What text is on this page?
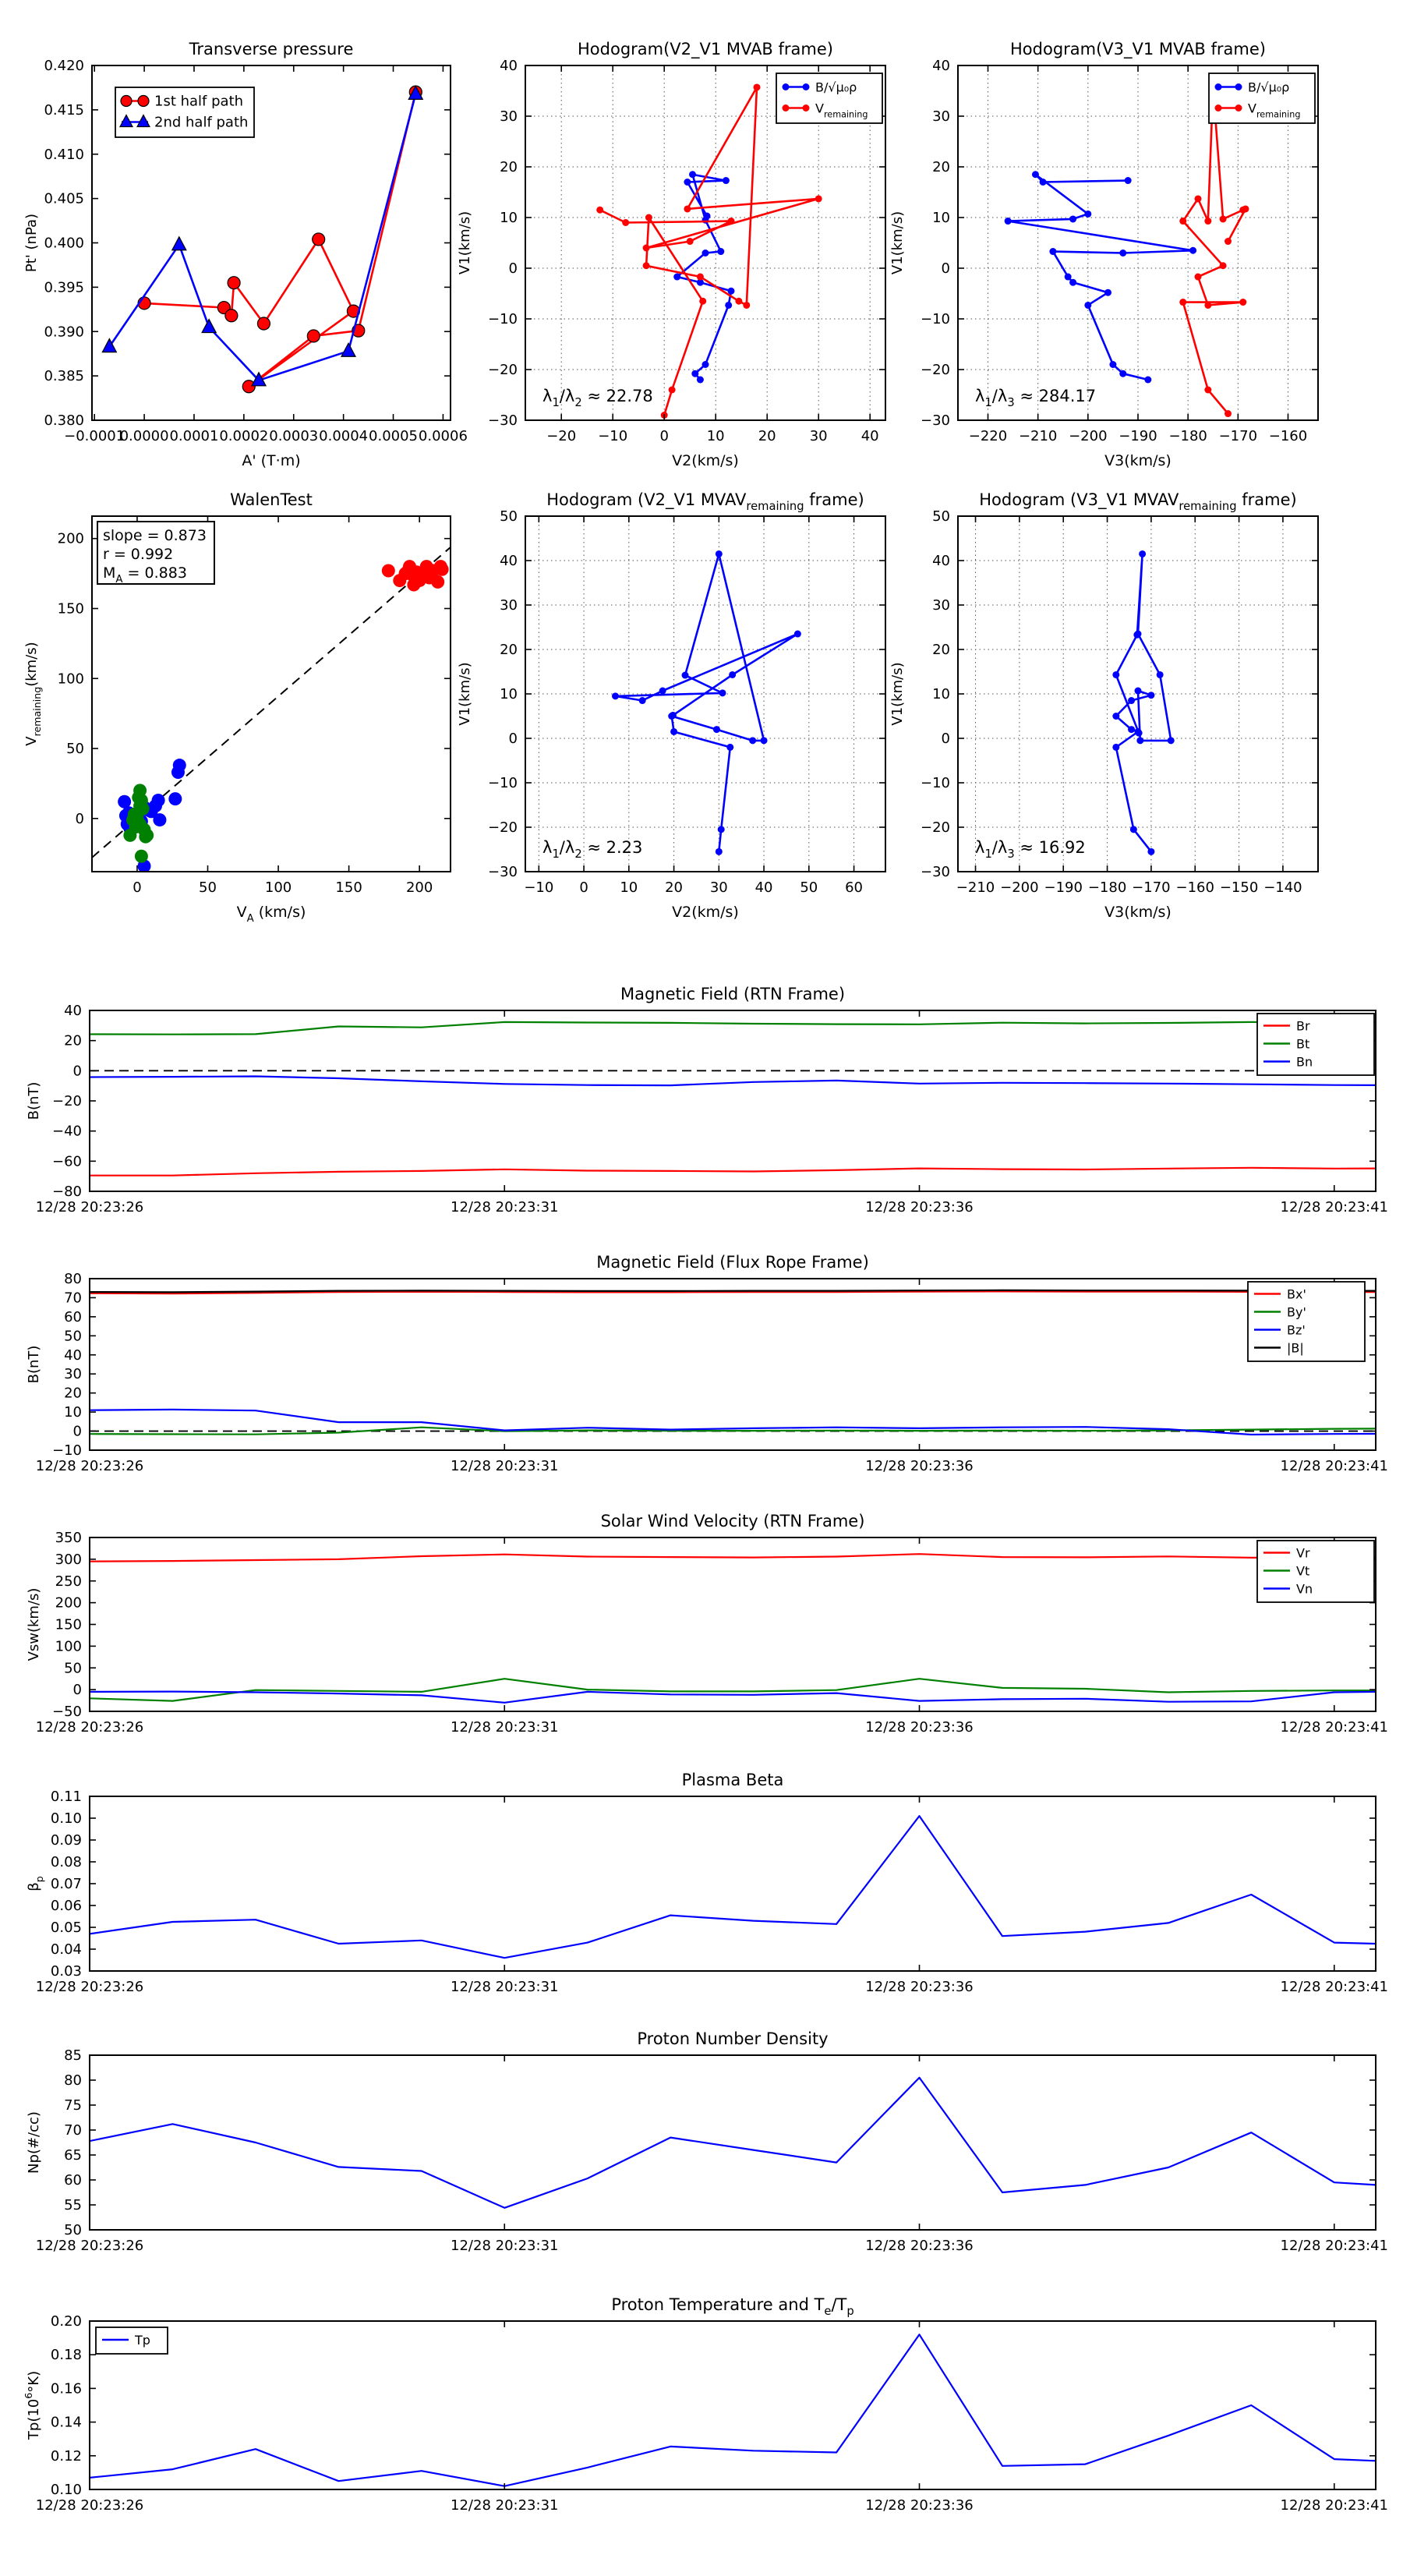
−0.0001
0.0000 0.0001 0.0002 0.0003 0.0004 0.0005 0.0006
0.380
0.385
0.390
0.395
0.400
0.405
0.410
0.415
0.420
Transverse pressure
A' (T·m)
Pt' (nPa)
1st half path
2nd half path
−20 −10 0	10 20 30 40
−30
−20
−10
0
10
20
30
40
Hodogram(V2_V1 MVAB frame)
V2(km/s)
V1(km/s)
$\lambda_1/\lambda_2 \approx 22.78$
B/√μ₀ρ
$V_{remaining}$
−220 −210 −200 −190 −180 −170 −160
−30
−20
−10
0
10
20
30
40
Hodogram(V3_V1 MVAB frame)
V3(km/s)
V1(km/s)
$\lambda_1/\lambda_3 \approx 284.17$
B/√μ₀ρ
$V_{remaining}$
0	50	100	150	200
0
50
100
150
200
WalenTest
$V_A$ (km/s)
$V_{remaining}(km/s)$
slope = 0.873
r = 0.992
$M_A = 0.883$
−10 0 10 20 30 40 50 60
−30
−20
−10
0
10
20
30
40
50
Hodogram (V2_V1 $MVAV_{remaining}$ frame)
V2(km/s)
V1(km/s)
$\lambda_1/\lambda_2 \approx 2.23$
−210 −200 −190 −180 −170 −160 −150 −140
−30
−20
−10
0
10
20
30
40
50
Hodogram (V3_V1 $MVAV_{remaining}$ frame)
V3(km/s)
V1(km/s)
$\lambda_1/\lambda_3 \approx 16.92$
12/28 20:23:26	12/28 20:23:31	12/28 20:23:36	12/28 20:23:41
−80
−60
−40
−20
0
20
40
Magnetic Field (RTN Frame)
B(nT)
Br
Bt
Bn
12/28 20:23:26	12/28 20:23:31	12/28 20:23:36	12/28 20:23:41
−10
0
10
20
30
40
50
60
70
80
Magnetic Field (Flux Rope Frame)
B(nT)
Bx'
By'
Bz'
|B|
12/28 20:23:26	12/28 20:23:31	12/28 20:23:36	12/28 20:23:41
−50
0
50
100
150
200
250
300
350
Solar Wind Velocity (RTN Frame)
Vsw(km/s)
Vr
Vt
Vn
12/28 20:23:26	12/28 20:23:31	12/28 20:23:36	12/28 20:23:41
0.03
0.04
0.05
0.06
0.07
0.08
0.09
0.10
0.11
Plasma Beta
$\beta_p$
12/28 20:23:26	12/28 20:23:31	12/28 20:23:36	12/28 20:23:41
50
55
60
65
70
75
80
85
Proton Number Density
Np(#/cc)
12/28 20:23:26	12/28 20:23:31	12/28 20:23:36	12/28 20:23:41
0.10
0.12
0.14
0.16
0.18
0.20
Proton Temperature and $T_e/T_p$
$Tp(10^6^\circ K)$
Tp
